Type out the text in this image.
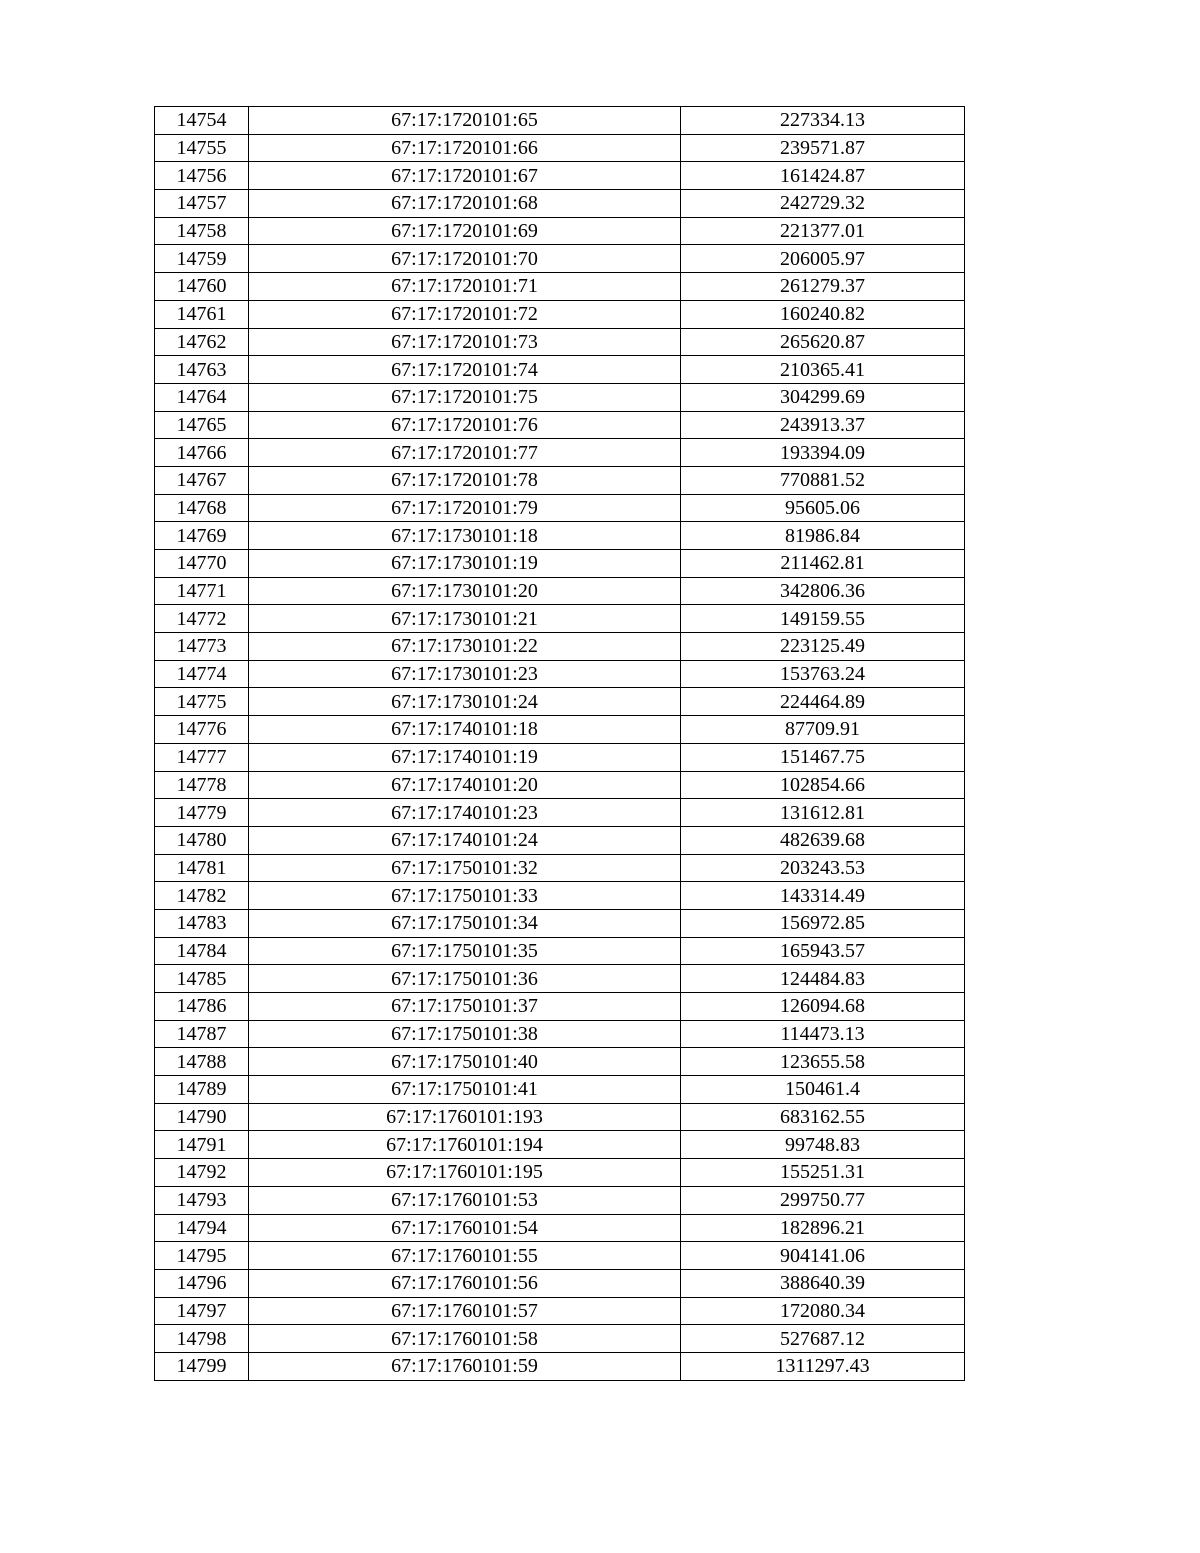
14754	67:17:1720101:65	227334.13
14755	67:17:1720101:66	239571.87
14756	67:17:1720101:67	161424.87
14757	67:17:1720101:68	242729.32
14758	67:17:1720101:69	221377.01
14759	67:17:1720101:70	206005.97
14760	67:17:1720101:71	261279.37
14761	67:17:1720101:72	160240.82
14762	67:17:1720101:73	265620.87
14763	67:17:1720101:74	210365.41
14764	67:17:1720101:75	304299.69
14765	67:17:1720101:76	243913.37
14766	67:17:1720101:77	193394.09
14767	67:17:1720101:78	770881.52
14768	67:17:1720101:79	95605.06
14769	67:17:1730101:18	81986.84
14770	67:17:1730101:19	211462.81
14771	67:17:1730101:20	342806.36
14772	67:17:1730101:21	149159.55
14773	67:17:1730101:22	223125.49
14774	67:17:1730101:23	153763.24
14775	67:17:1730101:24	224464.89
14776	67:17:1740101:18	87709.91
14777	67:17:1740101:19	151467.75
14778	67:17:1740101:20	102854.66
14779	67:17:1740101:23	131612.81
14780	67:17:1740101:24	482639.68
14781	67:17:1750101:32	203243.53
14782	67:17:1750101:33	143314.49
14783	67:17:1750101:34	156972.85
14784	67:17:1750101:35	165943.57
14785	67:17:1750101:36	124484.83
14786	67:17:1750101:37	126094.68
14787	67:17:1750101:38	114473.13
14788	67:17:1750101:40	123655.58
14789	67:17:1750101:41	150461.4
14790	67:17:1760101:193	683162.55
14791	67:17:1760101:194	99748.83
14792	67:17:1760101:195	155251.31
14793	67:17:1760101:53	299750.77
14794	67:17:1760101:54	182896.21
14795	67:17:1760101:55	904141.06
14796	67:17:1760101:56	388640.39
14797	67:17:1760101:57	172080.34
14798	67:17:1760101:58	527687.12
14799	67:17:1760101:59	1311297.43
